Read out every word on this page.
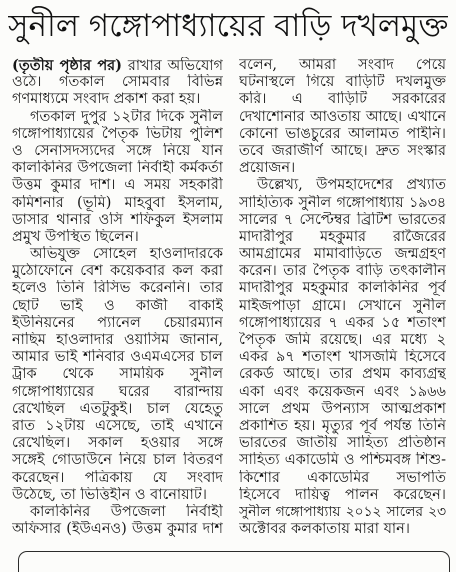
সুনীল গঙ্গোপাধ্যায়ের বাড়ি দখলমুক্ত
(তৃতীয় পৃষ্ঠার পর) রাখার অভিযোগ
ওঠে। গতকাল সোমবার বিভিন্ন
গণমাধ্যমে সংবাদ প্রকাশ করা হয়।
গতকাল দুপুর ১২টার দিকে সুনীল
গঙ্গোপাধ্যায়ের পৈতৃক ভিটায় পুলিশ
ও সেনাসদস্যদের সঙ্গে নিয়ে যান
কালকিনির উপজেলা নির্বাহী কর্মকর্তা
উত্তম কুমার দাশ। এ সময় সহকারী
কমিশনার (ভূমি) মাহবুবা ইসলাম,
ডাসার থানার ওসি শফিকুল ইসলাম
প্রমুখ উপস্থিত ছিলেন।
অভিযুক্ত সোহেল হাওলাদারকে
মুঠোফোনে বেশ কয়েকবার কল করা
হলেও তিনি রিসিভ করেননি। তার
ছোট ভাই ও কাজী বাকাই
ইউনিয়নের প্যানেল চেয়ারম্যান
নাছিম হাওলাদার ওয়াসিম জানান,
আমার ভাই শনিবার ওএমএসের চাল
ট্রাক থেকে সাময়িক সুনীল
গঙ্গোপাধ্যায়ের ঘরের বারান্দায়
রেখেছিল এতটুকুই। চাল যেহেতু
রাত ১২টায় এসেছে, তাই এখানে
রেখেছিল। সকাল হওয়ার সঙ্গে
সঙ্গেই গোডাউনে নিয়ে চাল বিতরণ
করেছেন। পত্রিকায় যে সংবাদ
উঠেছে, তা ভিত্তিহীন ও বানোয়াট।
কালকিনির উপজেলা নির্বাহী
অফিসার (ইউএনও) উত্তম কুমার দাশ
বলেন, আমরা সংবাদ পেয়ে
ঘটনাস্থলে গিয়ে বাড়িটি দখলমুক্ত
করি। এ বাড়িটি সরকারের
দেখাশোনার আওতায় আছে। এখানে
কোনো ভাঙচুরের আলামত পাইনি।
তবে জরাজীর্ণ আছে। দ্রুত সংস্কার
প্রয়োজন।
উল্লেখ্য, উপমহাদেশের প্রখ্যাত
সাহিত্যিক সুনীল গঙ্গোপাধ্যায় ১৯৩৪
সালের ৭ সেপ্টেম্বর ব্রিটিশ ভারতের
মাদারীপুর মহকুমার রাজৈরের
আমগ্রামের মামাবাড়িতে জন্মগ্রহণ
করেন। তার পৈতৃক বাড়ি তৎকালীন
মাদারীপুর মহকুমার কালকিনির পূর্ব
মাইজপাড়া গ্রামে। সেখানে সুনীল
গঙ্গোপাধ্যায়ের ৭ একর ১৫ শতাংশ
পৈতৃক জমি রয়েছে। এর মধ্যে ২
একর ৯৭ শতাংশ খাসজমি হিসেবে
রেকর্ড আছে। তার প্রথম কাব্যগ্রন্থ
একা এবং কয়েকজন এবং ১৯৬৬
সালে প্রথম উপন্যাস আত্মপ্রকাশ
প্রকাশিত হয়। মৃত্যুর পূর্ব পর্যন্ত তিনি
ভারতের জাতীয় সাহিত্য প্রতিষ্ঠান
সাহিত্য একাডেমি ও পশ্চিমবঙ্গ শিশু-
কিশোর একাডেমির সভাপতি
হিসেবে দায়িত্ব পালন করেছেন।
সুনীল গঙ্গোপাধ্যায় ২০১২ সালের ২৩
অক্টোবর কলকাতায় মারা যান।
